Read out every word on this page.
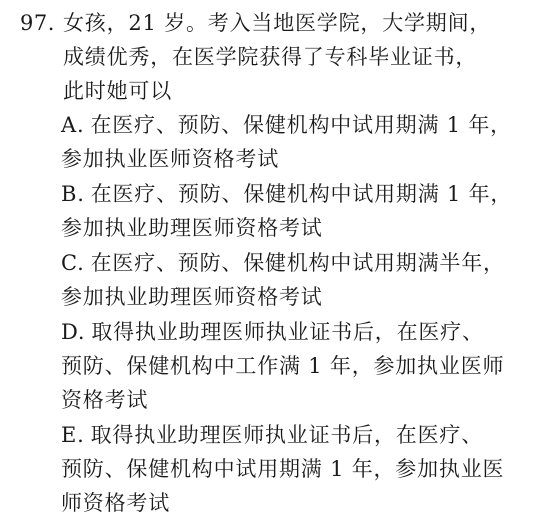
97. 女孩，21 岁。考入当地医学院，大学期间，
成绩优秀，在医学院获得了专科毕业证书，
此时她可以
A. 在医疗、预防、保健机构中试用期满 1 年，
参加执业医师资格考试
B. 在医疗、预防、保健机构中试用期满 1 年，
参加执业助理医师资格考试
C. 在医疗、预防、保健机构中试用期满半年，
参加执业助理医师资格考试
D. 取得执业助理医师执业证书后，在医疗、
预防、保健机构中工作满 1 年，参加执业医师
资格考试
E. 取得执业助理医师执业证书后，在医疗、
预防、保健机构中试用期满 1 年，参加执业医
师资格考试
